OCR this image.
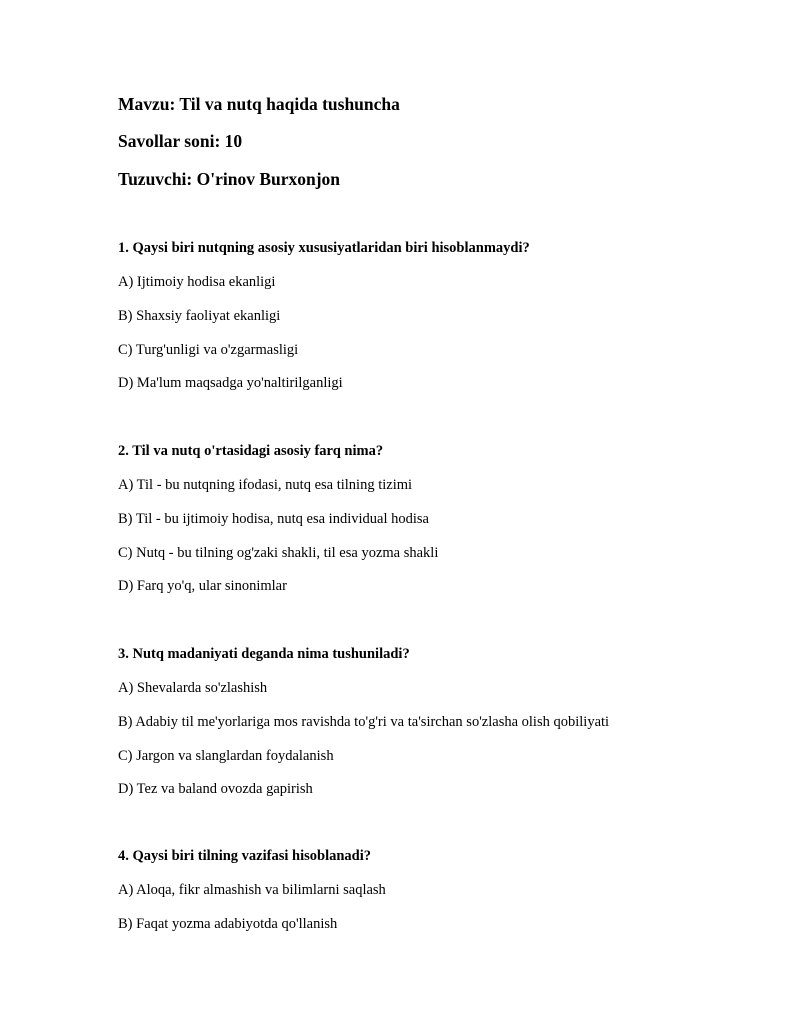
Mavzu: Til va nutq haqida tushuncha

Savollar soni: 10

Tuzuvchi: O'rinov Burxonjon

1. Qaysi biri nutqning asosiy xususiyatlaridan biri hisoblanmaydi?

A) Ijtimoiy hodisa ekanligi

B) Shaxsiy faoliyat ekanligi

C) Turg'unligi va o'zgarmasligi

D) Ma'lum maqsadga yo'naltirilganligi

2. Til va nutq o'rtasidagi asosiy farq nima?

A) Til - bu nutqning ifodasi, nutq esa tilning tizimi

B) Til - bu ijtimoiy hodisa, nutq esa individual hodisa

C) Nutq - bu tilning og'zaki shakli, til esa yozma shakli

D) Farq yo'q, ular sinonimlar

3. Nutq madaniyati deganda nima tushuniladi?

A) Shevalarda so'zlashish

B) Adabiy til me'yorlariga mos ravishda to'g'ri va ta'sirchan so'zlasha olish qobiliyati

C) Jargon va slanglardan foydalanish

D) Tez va baland ovozda gapirish

4. Qaysi biri tilning vazifasi hisoblanadi?

A) Aloqa, fikr almashish va bilimlarni saqlash

B) Faqat yozma adabiyotda qo'llanish
